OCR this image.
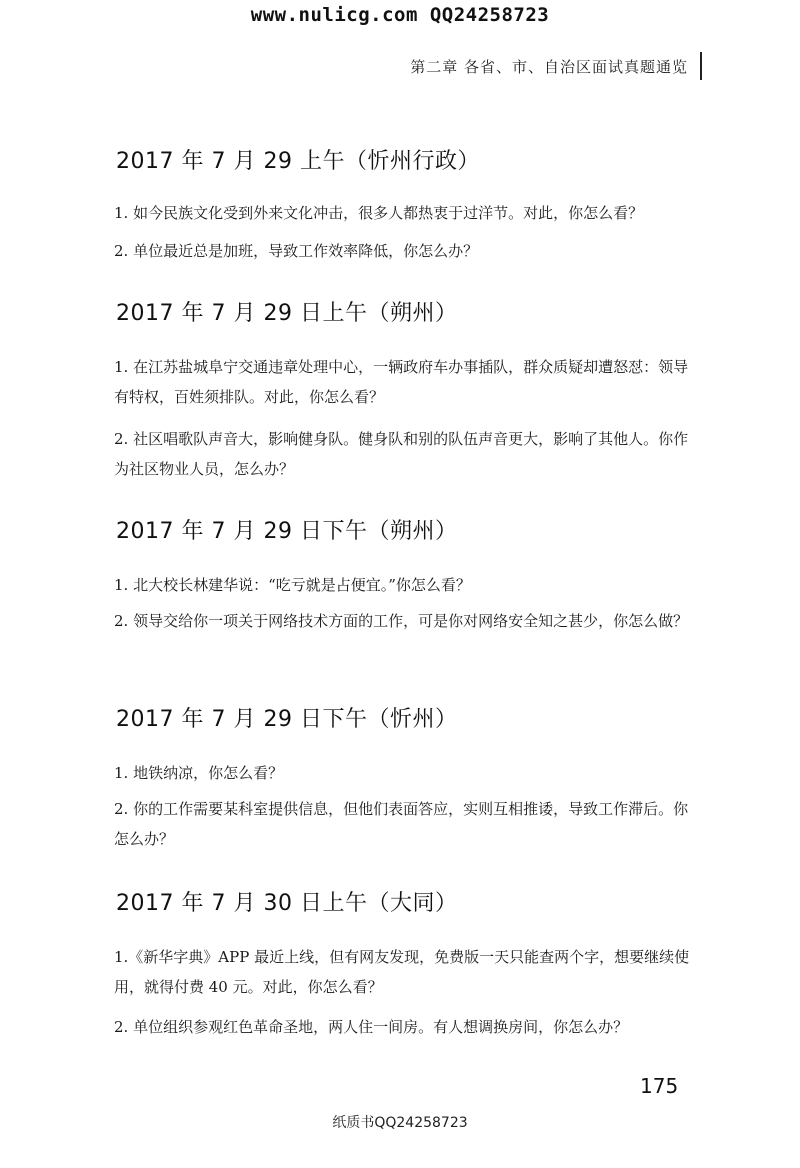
www.nulicg.com QQ24258723
第二章 各省、市、自治区面试真题通览
2017 年 7 月 29 上午（忻州行政）
1. 如今民族文化受到外来文化冲击，很多人都热衷于过洋节。对此，你怎么看？
2. 单位最近总是加班，导致工作效率降低，你怎么办？
2017 年 7 月 29 日上午（朔州）
1. 在江苏盐城阜宁交通违章处理中心，一辆政府车办事插队，群众质疑却遭怒怼：领导有特权，百姓须排队。对此，你怎么看？
2. 社区唱歌队声音大，影响健身队。健身队和别的队伍声音更大，影响了其他人。你作为社区物业人员，怎么办？
2017 年 7 月 29 日下午（朔州）
1. 北大校长林建华说：“吃亏就是占便宜。”你怎么看？
2. 领导交给你一项关于网络技术方面的工作，可是你对网络安全知之甚少，你怎么做？
2017 年 7 月 29 日下午（忻州）
1. 地铁纳凉，你怎么看？
2. 你的工作需要某科室提供信息，但他们表面答应，实则互相推诿，导致工作滞后。你怎么办？
2017 年 7 月 30 日上午（大同）
1.《新华字典》APP 最近上线，但有网友发现，免费版一天只能查两个字，想要继续使用，就得付费 40 元。对此，你怎么看？
2. 单位组织参观红色革命圣地，两人住一间房。有人想调换房间，你怎么办？
175
纸质书QQ24258723
